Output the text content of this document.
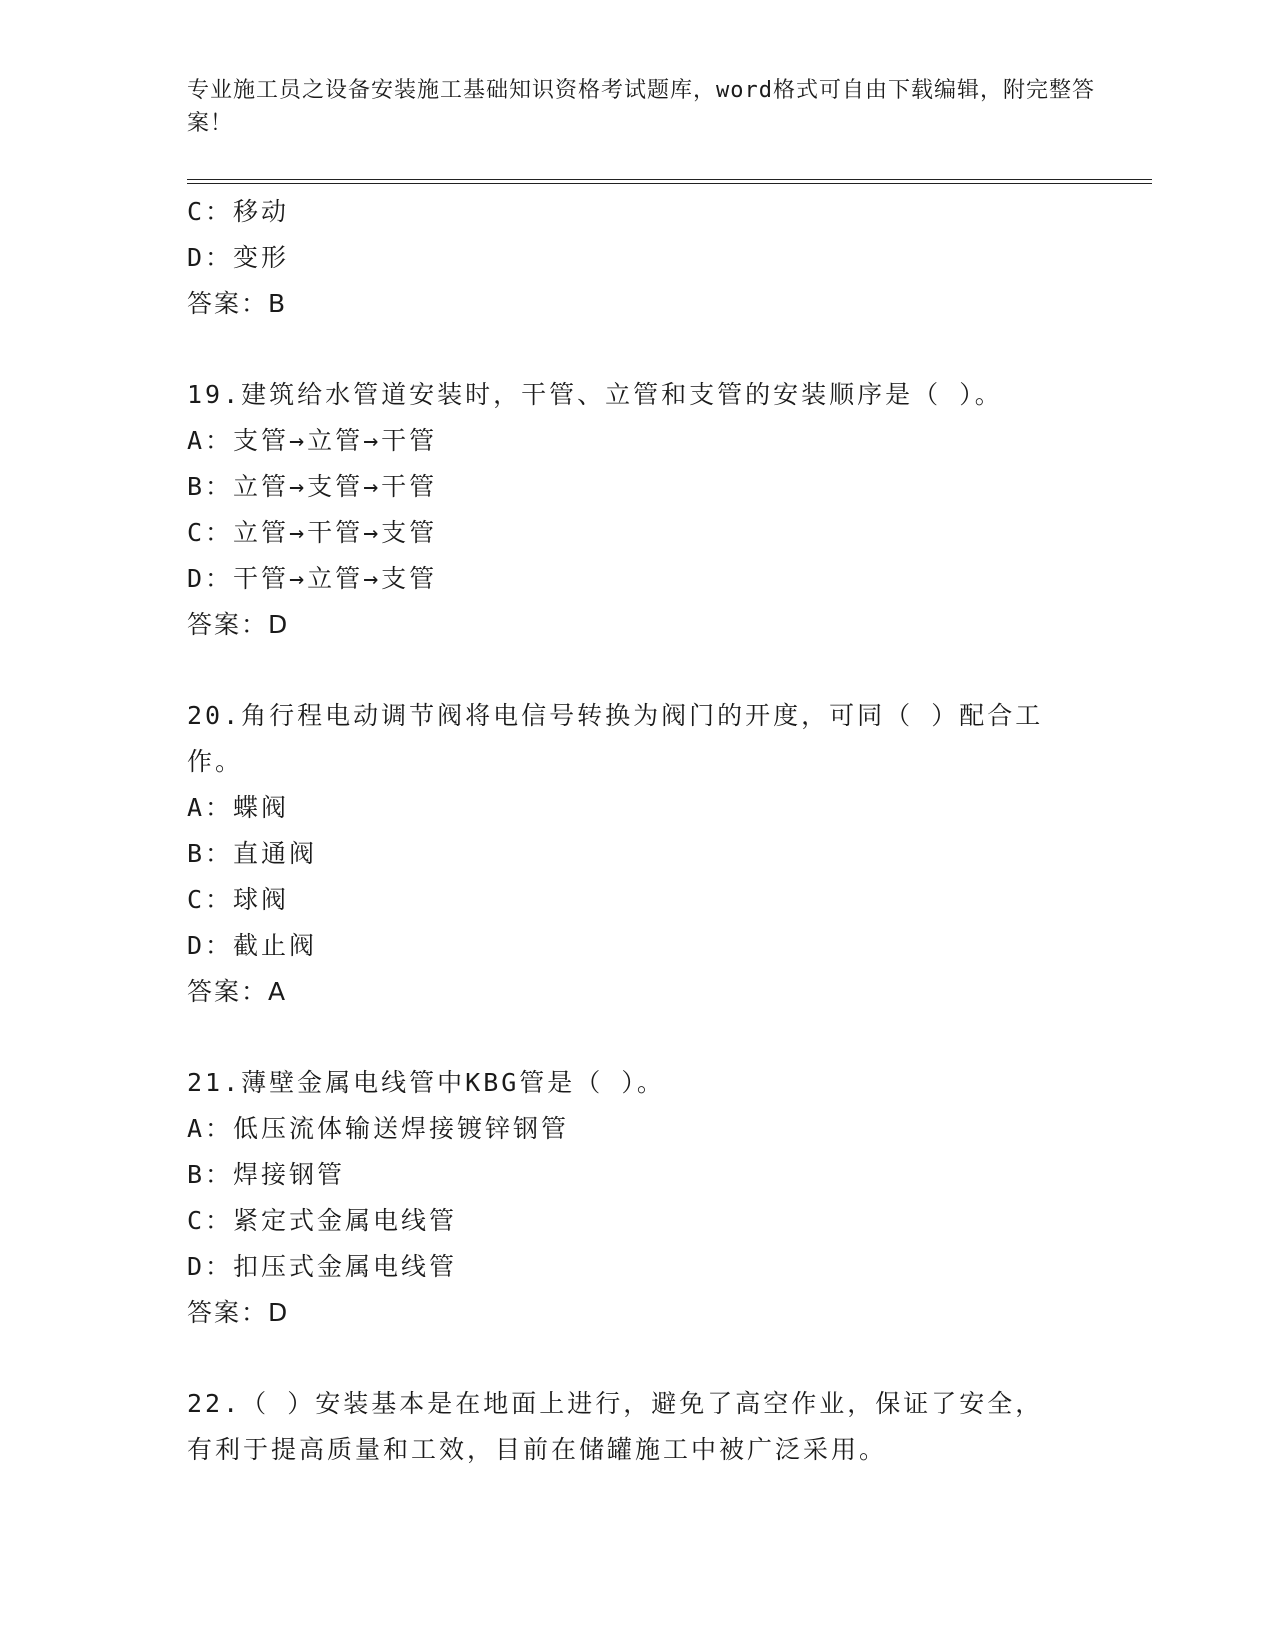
专业施工员之设备安装施工基础知识资格考试题库，word格式可自由下载编辑，附完整答案！
C：移动
D：变形
答案：B
19.建筑给水管道安装时，干管、立管和支管的安装顺序是（ ）。
A：支管→立管→干管
B：立管→支管→干管
C：立管→干管→支管
D：干管→立管→支管
答案：D
20.角行程电动调节阀将电信号转换为阀门的开度，可同（ ）配合工作。
A：蝶阀
B：直通阀
C：球阀
D：截止阀
答案：A
21.薄壁金属电线管中KBG管是（ ）。
A：低压流体输送焊接镀锌钢管
B：焊接钢管
C：紧定式金属电线管
D：扣压式金属电线管
答案：D
22.（ ）安装基本是在地面上进行，避免了高空作业，保证了安全，有利于提高质量和工效，目前在储罐施工中被广泛采用。
